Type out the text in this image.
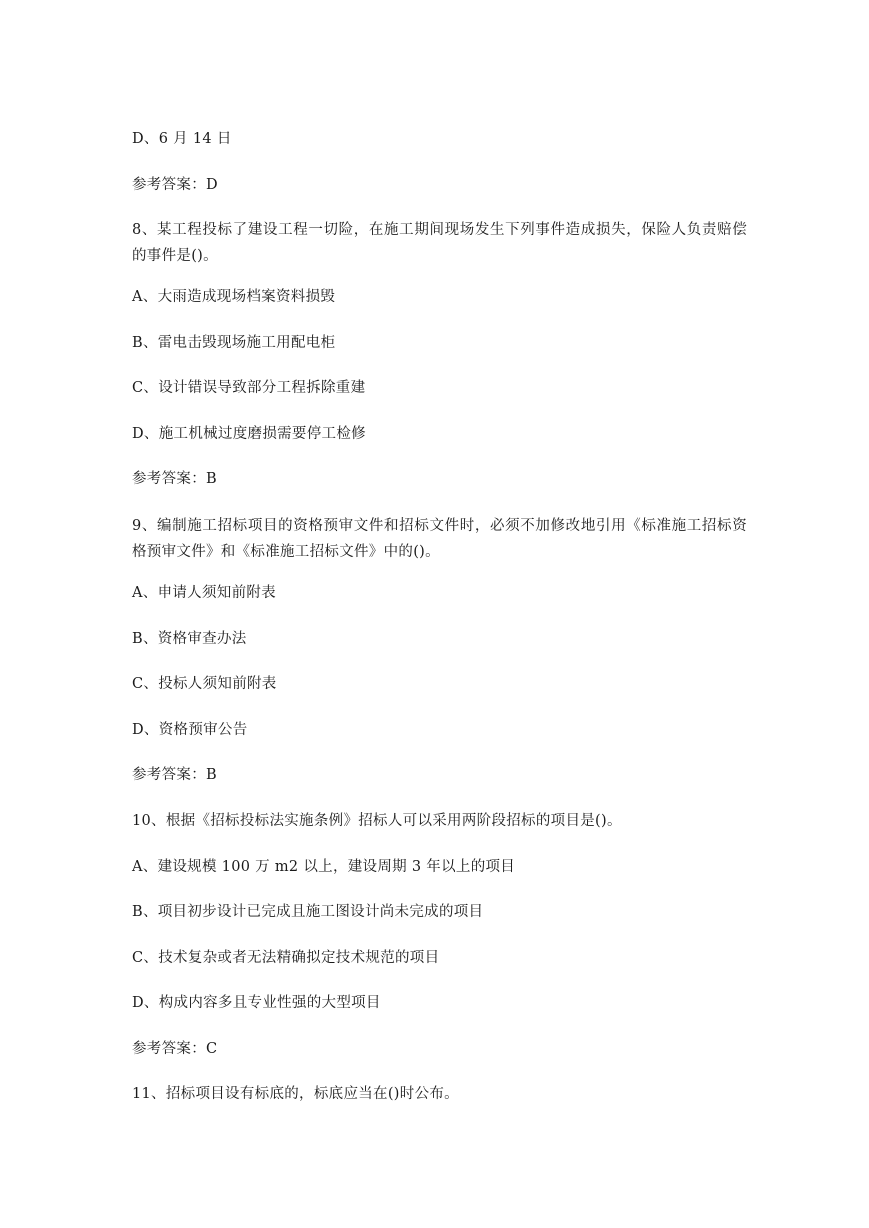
D、6 月 14 日
参考答案：D
8、某工程投标了建设工程一切险，在施工期间现场发生下列事件造成损失，保险人负责赔偿的事件是()。
A、大雨造成现场档案资料损毁
B、雷电击毁现场施工用配电柜
C、设计错误导致部分工程拆除重建
D、施工机械过度磨损需要停工检修
参考答案：B
9、编制施工招标项目的资格预审文件和招标文件时，必须不加修改地引用《标准施工招标资格预审文件》和《标准施工招标文件》中的()。
A、申请人须知前附表
B、资格审查办法
C、投标人须知前附表
D、资格预审公告
参考答案：B
10、根据《招标投标法实施条例》招标人可以采用两阶段招标的项目是()。
A、建设规模 100 万 m2 以上，建设周期 3 年以上的项目
B、项目初步设计已完成且施工图设计尚未完成的项目
C、技术复杂或者无法精确拟定技术规范的项目
D、构成内容多且专业性强的大型项目
参考答案：C
11、招标项目设有标底的，标底应当在()时公布。
